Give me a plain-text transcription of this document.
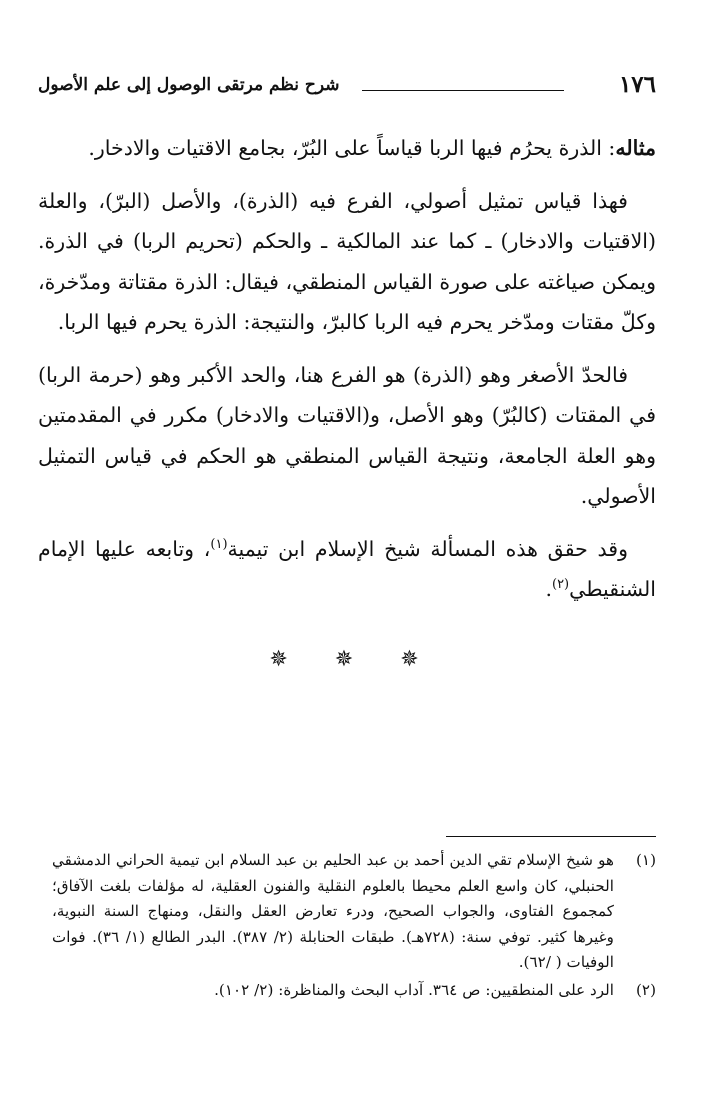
١٧٦
شرح نظم مرتقى الوصول إلى علم الأصول

مثاله: الذرة يحرُم فيها الربا قياساً على البُرّ، بجامع الاقتيات والادخار.

فهذا قياس تمثيل أصولي، الفرع فيه (الذرة)، والأصل (البرّ)، والعلة (الاقتيات والادخار) ـ كما عند المالكية ـ والحكم (تحريم الربا) في الذرة. ويمكن صياغته على صورة القياس المنطقي، فيقال: الذرة مقتاتة ومدّخرة، وكلّ مقتات ومدّخر يحرم فيه الربا كالبرّ، والنتيجة: الذرة يحرم فيها الربا.

فالحدّ الأصغر وهو (الذرة) هو الفرع هنا، والحد الأكبر وهو (حرمة الربا) في المقتات (كالبُرّ) وهو الأصل، و(الاقتيات والادخار) مكرر في المقدمتين وهو العلة الجامعة، ونتيجة القياس المنطقي هو الحكم في قياس التمثيل الأصولي.

وقد حقق هذه المسألة شيخ الإسلام ابن تيمية$^{(١)}$، وتابعه عليها الإمام الشنقيطي$^{(٢)}$.

✵ ✵ ✵
(١)
هو شيخ الإسلام تقي الدين أحمد بن عبد الحليم بن عبد السلام ابن تيمية الحراني الدمشقي الحنبلي، كان واسع العلم محيطا بالعلوم النقلية والفنون العقلية، له مؤلفات بلغت الآفاق؛ كمجموع الفتاوى، والجواب الصحيح، ودرء تعارض العقل والنقل، ومنهاج السنة النبوية، وغيرها كثير. توفي سنة: (٧٢٨هـ). طبقات الحنابلة (٢/ ٣٨٧). البدر الطالع (١/ ٣٦). فوات الوفيات ( /٦٢).
(٢)
الرد على المنطقيين: ص ٣٦٤. آداب البحث والمناظرة: (٢/ ١٠٢).
